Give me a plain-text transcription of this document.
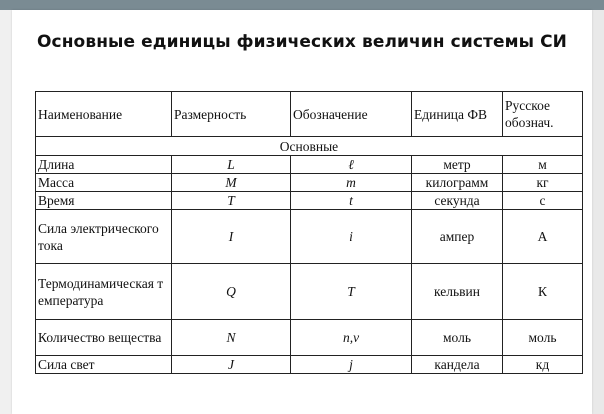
Основные единицы физических величин системы СИ
Наименование	Размерность	Обозначение	Единица ФВ	Русское обознач.
Основные				
Длина	L	ℓ	метр	м
Масса	M	m	килограмм	кг
Время	T	t	секунда	с
Сила электрического тока	I	i	ампер	А
Термодинамическая температура	Q	T	кельвин	К
Количество вещества	N	n,ν	моль	моль
Сила свет	J	j	кандела	кд
